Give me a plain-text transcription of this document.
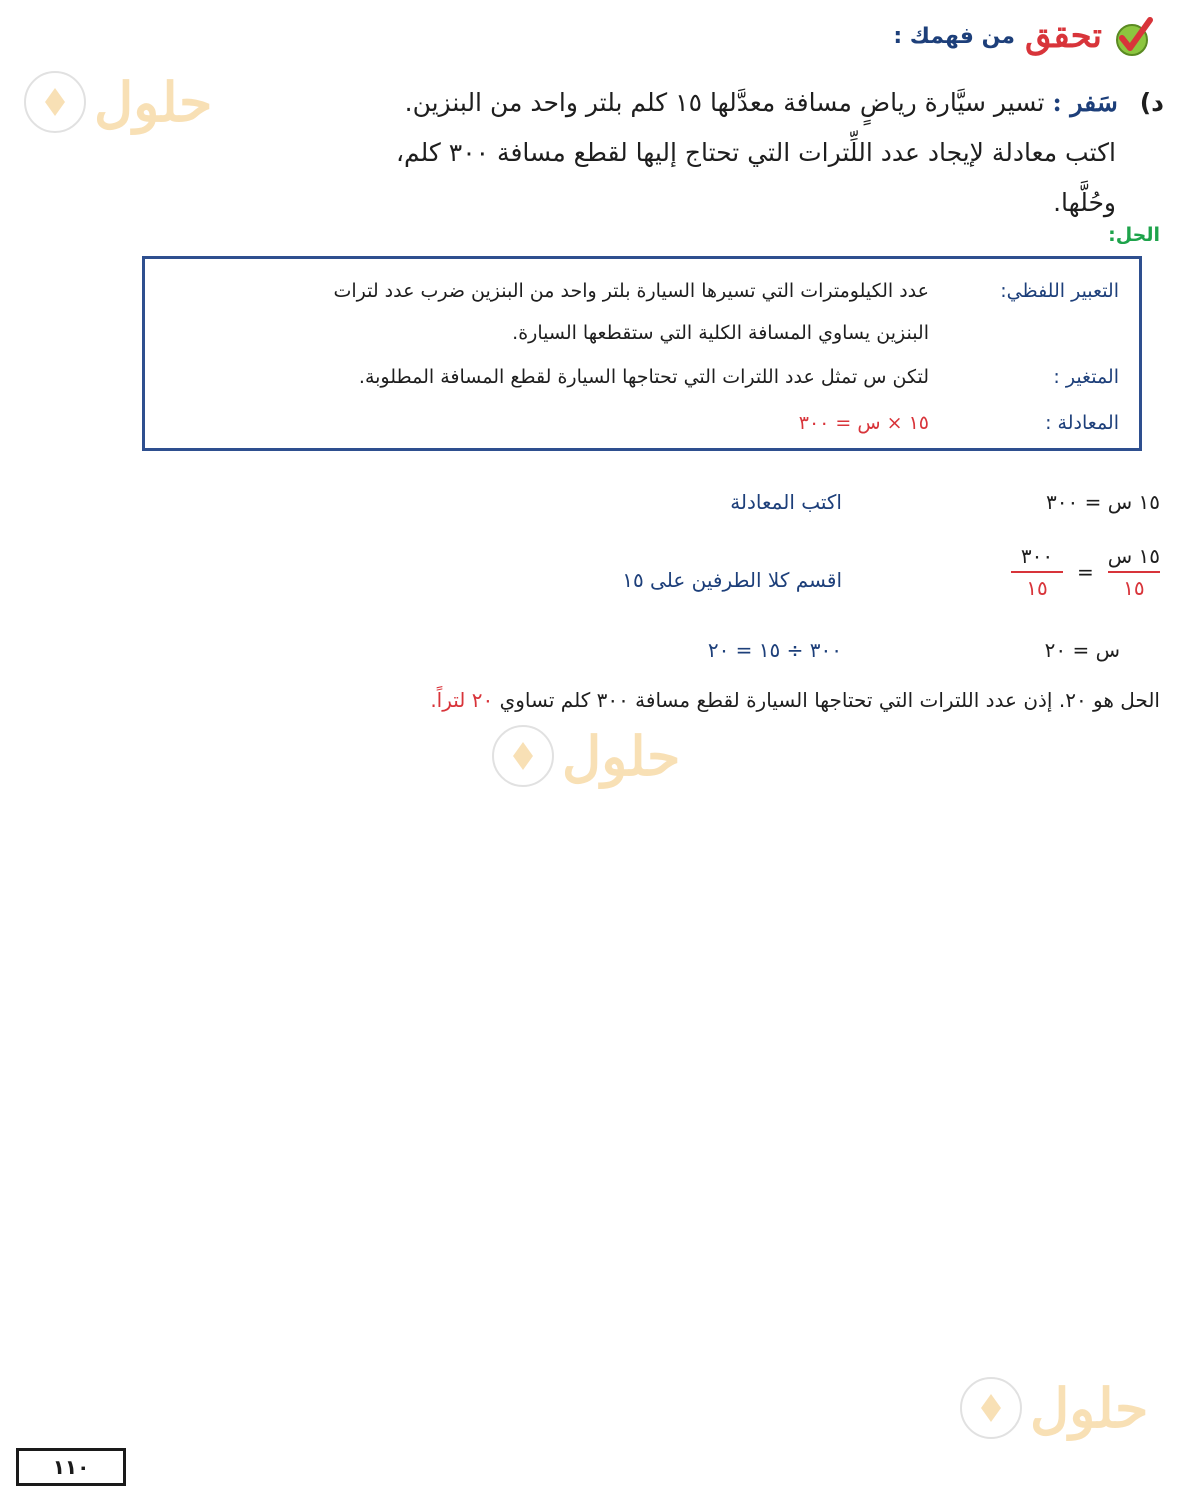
تحقق
من فهمك :
د) سَفر : تسير سيَّارة رياضٍ مسافة معدَّلها ١٥ كلم بلتر واحد من البنزين.
اكتب معادلة لإيجاد عدد اللِّترات التي تحتاج إليها لقطع مسافة ٣٠٠ كلم،
وحُلَّها.
الحل:
التعبير اللفظي:
عدد الكيلومترات التي تسيرها السيارة بلتر واحد من البنزين ضرب عدد لترات
البنزين يساوي المسافة الكلية التي ستقطعها السيارة.
المتغير :
لتكن س تمثل عدد اللترات التي تحتاجها السيارة لقطع المسافة المطلوبة.
المعادلة :
١٥ × س = ٣٠٠
١٥ س = ٣٠٠
اكتب المعادلة
$\frac{\text{١٥ س}}{١٥}$
=
$\frac{٣٠٠}{١٥}$
اقسم كلا الطرفين على ١٥
س = ٢٠
٣٠٠ ÷ ١٥ = ٢٠
الحل هو ٢٠. إذن عدد اللترات التي تحتاجها السيارة لقطع مسافة ٣٠٠ كلم تساوي ٢٠ لتراً.
حلول
حلول
حلول
١١٠
